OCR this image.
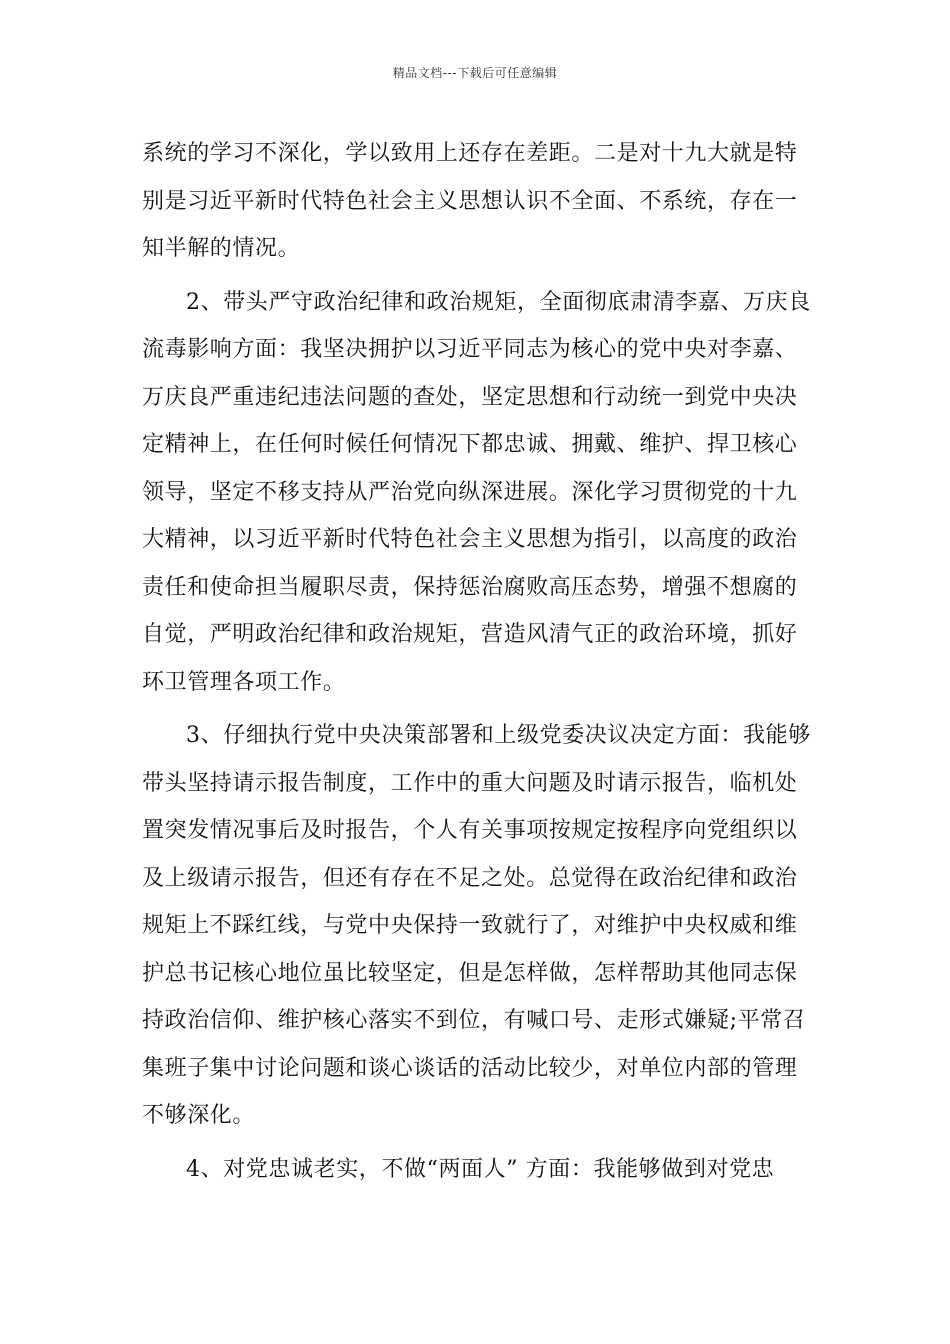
精品文档---下载后可任意编辑
系统的学习不深化，学以致用上还存在差距。二是对十九大就是特
别是习近平新时代特色社会主义思想认识不全面、不系统，存在一
知半解的情况。
2、带头严守政治纪律和政治规矩，全面彻底肃清李嘉、万庆良
流毒影响方面：我坚决拥护以习近平同志为核心的党中央对李嘉、
万庆良严重违纪违法问题的查处，坚定思想和行动统一到党中央决
定精神上，在任何时候任何情况下都忠诚、拥戴、维护、捍卫核心
领导，坚定不移支持从严治党向纵深进展。深化学习贯彻党的十九
大精神，以习近平新时代特色社会主义思想为指引，以高度的政治
责任和使命担当履职尽责，保持惩治腐败高压态势，增强不想腐的
自觉，严明政治纪律和政治规矩，营造风清气正的政治环境，抓好
环卫管理各项工作。
3、仔细执行党中央决策部署和上级党委决议决定方面：我能够
带头坚持请示报告制度，工作中的重大问题及时请示报告，临机处
置突发情况事后及时报告，个人有关事项按规定按程序向党组织以
及上级请示报告，但还有存在不足之处。总觉得在政治纪律和政治
规矩上不踩红线，与党中央保持一致就行了，对维护中央权威和维
护总书记核心地位虽比较坚定，但是怎样做，怎样帮助其他同志保
持政治信仰、维护核心落实不到位，有喊口号、走形式嫌疑;平常召
集班子集中讨论问题和谈心谈话的活动比较少，对单位内部的管理
不够深化。
4、对党忠诚老实，不做“两面人” 方面：我能够做到对党忠
